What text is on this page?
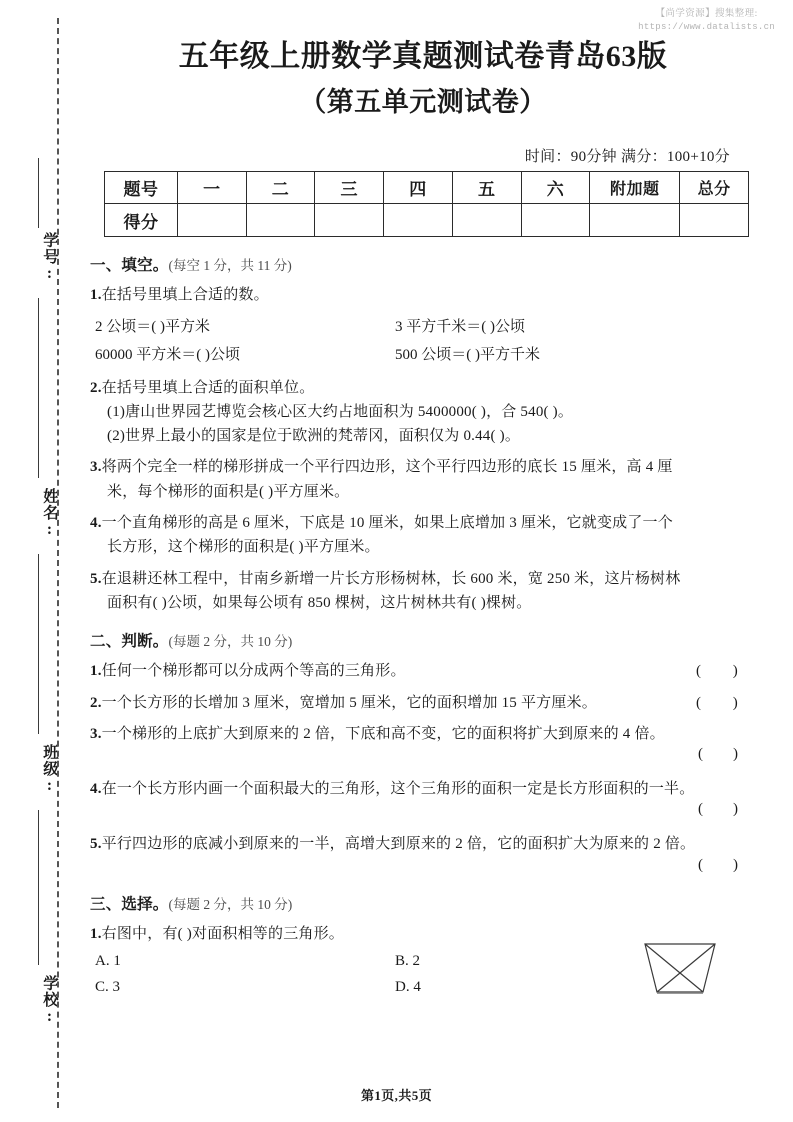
学号:
姓名:
班级:
学校:
【尚学资源】搜集整理:
https://www.datalists.cn
五年级上册数学真题测试卷青岛63版
（第五单元测试卷）
时间：90分钟 满分：100+10分
题号	一	二	三	四	五	六	附加题	总分
得分								
一、填空。(每空 1 分，共 11 分)
1.在括号里填上合适的数。
2 公顷＝( )平方米	3 平方千米＝( )公顷
60000 平方米＝( )公顷	500 公顷＝( )平方千米
2.在括号里填上合适的面积单位。
(1)唐山世界园艺博览会核心区大约占地面积为 5400000( )，合 540( )。
(2)世界上最小的国家是位于欧洲的梵蒂冈，面积仅为 0.44( )。
3.将两个完全一样的梯形拼成一个平行四边形，这个平行四边形的底长 15 厘米，高 4 厘
米，每个梯形的面积是( )平方厘米。
4.一个直角梯形的高是 6 厘米，下底是 10 厘米，如果上底增加 3 厘米，它就变成了一个
长方形，这个梯形的面积是( )平方厘米。
5.在退耕还林工程中，甘南乡新增一片长方形杨树林，长 600 米，宽 250 米，这片杨树林
面积有( )公顷，如果每公顷有 850 棵树，这片树林共有( )棵树。
二、判断。(每题 2 分，共 10 分)
1.任何一个梯形都可以分成两个等高的三角形。	(        )
2.一个长方形的长增加 3 厘米，宽增加 5 厘米，它的面积增加 15 平方厘米。	(        )
3.一个梯形的上底扩大到原来的 2 倍，下底和高不变，它的面积将扩大到原来的 4 倍。
(        )
4.在一个长方形内画一个面积最大的三角形，这个三角形的面积一定是长方形面积的一半。
(        )
5.平行四边形的底减小到原来的一半，高增大到原来的 2 倍，它的面积扩大为原来的 2 倍。
(        )
三、选择。(每题 2 分，共 10 分)
1.右图中，有( )对面积相等的三角形。
A. 1	B. 2
C. 3	D. 4
第1页,共5页
